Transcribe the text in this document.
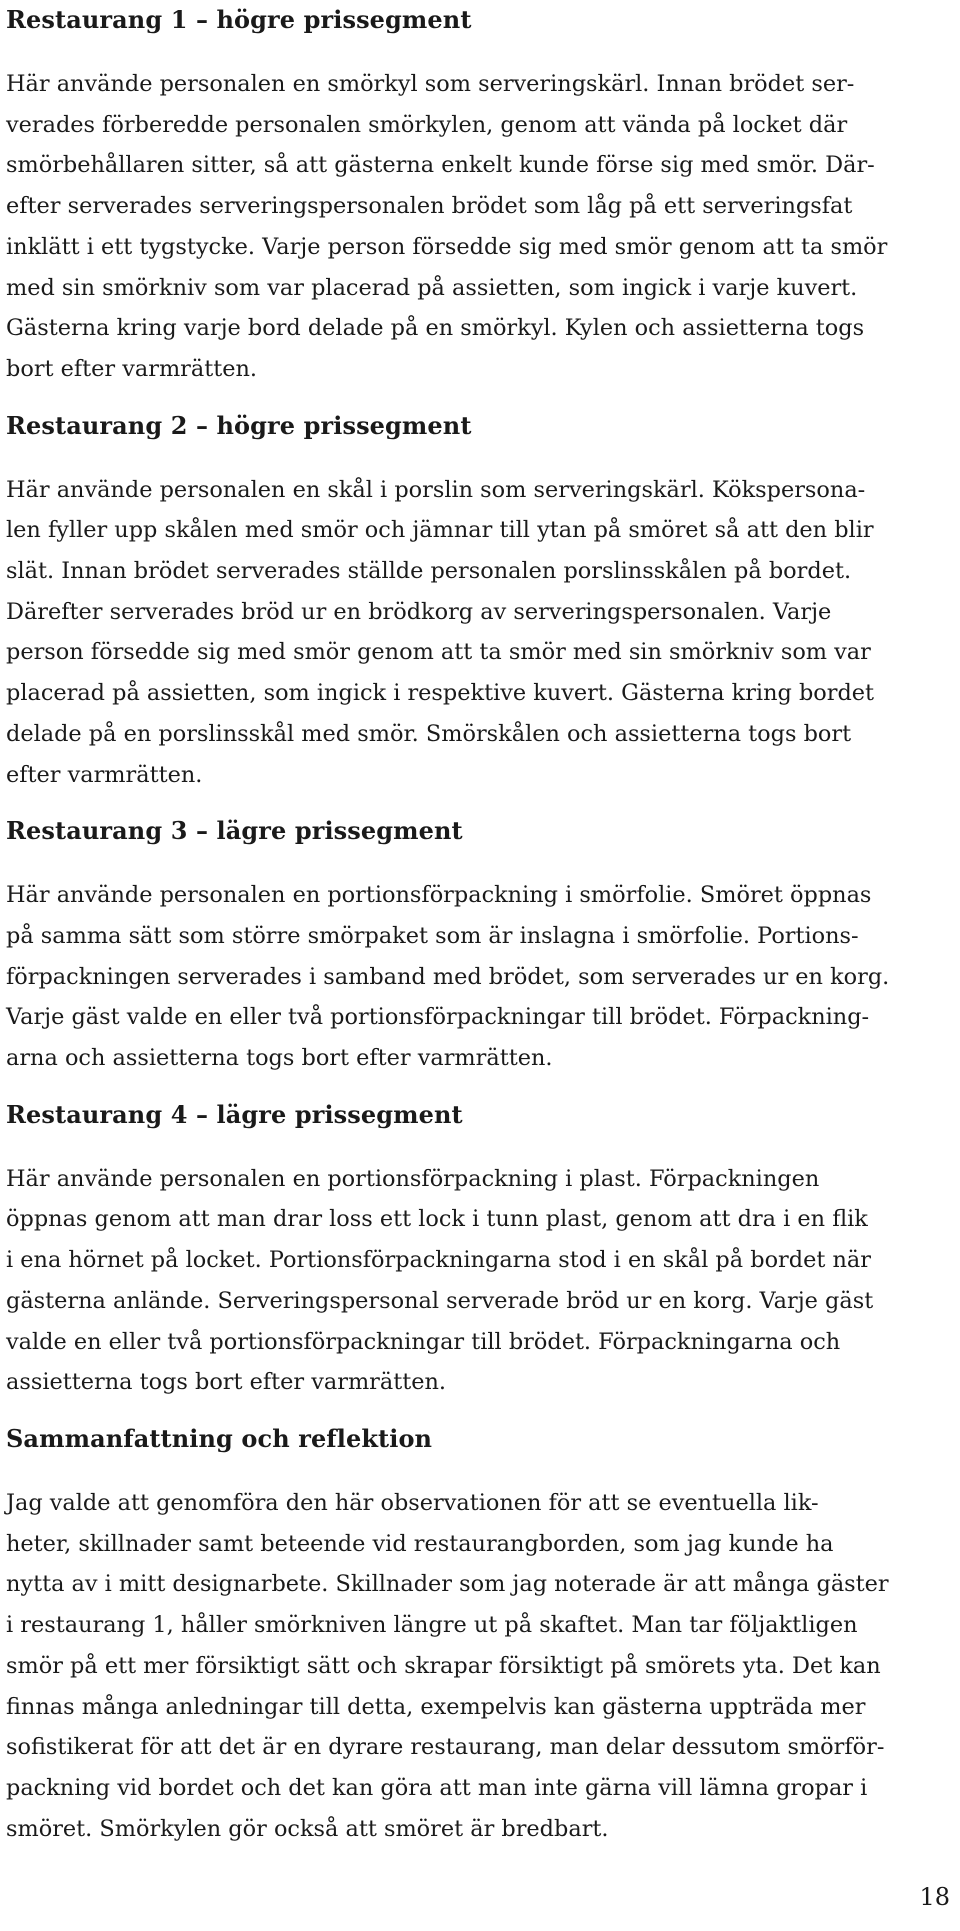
Restaurang 1 – högre prissegment

Här använde personalen en smörkyl som serveringskärl. Innan brödet ser-
verades förberedde personalen smörkylen, genom att vända på locket där
smörbehållaren sitter, så att gästerna enkelt kunde förse sig med smör. Där-
efter serverades serveringspersonalen brödet som låg på ett serveringsfat
inklätt i ett tygstycke. Varje person försedde sig med smör genom att ta smör
med sin smörkniv som var placerad på assietten, som ingick i varje kuvert.
Gästerna kring varje bord delade på en smörkyl. Kylen och assietterna togs
bort efter varmrätten.

Restaurang 2 – högre prissegment

Här använde personalen en skål i porslin som serveringskärl. Kökspersona-
len fyller upp skålen med smör och jämnar till ytan på smöret så att den blir
slät. Innan brödet serverades ställde personalen porslinsskålen på bordet.
Därefter serverades bröd ur en brödkorg av serveringspersonalen. Varje
person försedde sig med smör genom att ta smör med sin smörkniv som var
placerad på assietten, som ingick i respektive kuvert. Gästerna kring bordet
delade på en porslinsskål med smör. Smörskålen och assietterna togs bort
efter varmrätten.

Restaurang 3 – lägre prissegment

Här använde personalen en portionsförpackning i smörfolie. Smöret öppnas
på samma sätt som större smörpaket som är inslagna i smörfolie. Portions-
förpackningen serverades i samband med brödet, som serverades ur en korg.
Varje gäst valde en eller två portionsförpackningar till brödet. Förpackning-
arna och assietterna togs bort efter varmrätten.

Restaurang 4 – lägre prissegment

Här använde personalen en portionsförpackning i plast. Förpackningen
öppnas genom att man drar loss ett lock i tunn plast, genom att dra i en flik
i ena hörnet på locket. Portionsförpackningarna stod i en skål på bordet när
gästerna anlände. Serveringspersonal serverade bröd ur en korg. Varje gäst
valde en eller två portionsförpackningar till brödet. Förpackningarna och
assietterna togs bort efter varmrätten.

Sammanfattning och reflektion

Jag valde att genomföra den här observationen för att se eventuella lik-
heter, skillnader samt beteende vid restaurangborden, som jag kunde ha
nytta av i mitt designarbete. Skillnader som jag noterade är att många gäster
i restaurang 1, håller smörkniven längre ut på skaftet. Man tar följaktligen
smör på ett mer försiktigt sätt och skrapar försiktigt på smörets yta. Det kan
finnas många anledningar till detta, exempelvis kan gästerna uppträda mer
sofistikerat för att det är en dyrare restaurang, man delar dessutom smörför-
packning vid bordet och det kan göra att man inte gärna vill lämna gropar i
smöret. Smörkylen gör också att smöret är bredbart.

18
